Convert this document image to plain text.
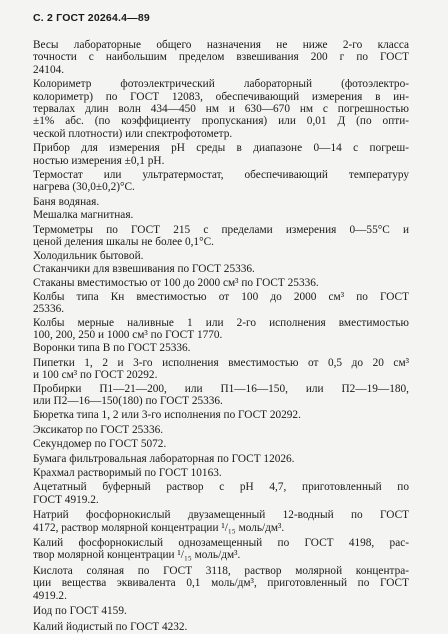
С. 2 ГОСТ 20264.4—89
Весы лабораторные общего назначения не ниже 2-го класса
точности с наибольшим пределом взвешивания 200 г по ГОСТ
24104.
Колориметр фотоэлектрический лабораторный (фотоэлектро-
колориметр) по ГОСТ 12083, обеспечивающий измерения в ин-
тервалах длин волн 434—450 нм и 630—670 нм с погрешностью
±1% абс. (по коэффициенту пропускания) или 0,01 Д (по опти-
ческой плотности) или спектрофотометр.
Прибор для измерения pH среды в диапазоне 0—14 с погреш-
ностью измерения ±0,1 pH.
Термостат или ультратермостат, обеспечивающий температуру
нагрева (30,0±0,2)°С.
Баня водяная.
Мешалка магнитная.
Термометры по ГОСТ 215 с пределами измерения 0—55°С и
ценой деления шкалы не более 0,1°С.
Холодильник бытовой.
Стаканчики для взвешивания по ГОСТ 25336.
Стаканы вместимостью от 100 до 2000 см³ по ГОСТ 25336.
Колбы типа Кн вместимостью от 100 до 2000 см³ по ГОСТ
25336.
Колбы мерные наливные 1 или 2-го исполнения вместимостью
100, 200, 250 и 1000 см³ по ГОСТ 1770.
Воронки типа В по ГОСТ 25336.
Пипетки 1, 2 и 3-го исполнения вместимостью от 0,5 до 20 см³
и 100 см³ по ГОСТ 20292.
Пробирки П1—21—200, или П1—16—150, или П2—19—180,
или П2—16—150(180) по ГОСТ 25336.
Бюретка типа 1, 2 или 3-го исполнения по ГОСТ 20292.
Эксикатор по ГОСТ 25336.
Секундомер по ГОСТ 5072.
Бумага фильтровальная лабораторная по ГОСТ 12026.
Крахмал растворимый по ГОСТ 10163.
Ацетатный буферный раствор с pH 4,7, приготовленный по
ГОСТ 4919.2.
Натрий фосфорнокислый двузамещенный 12-водный по ГОСТ
4172, раствор молярной концентрации ¹/₁₅ моль/дм³.
Калий фосфорнокислый однозамещенный по ГОСТ 4198, рас-
твор молярной концентрации ¹/₁₅ моль/дм³.
Кислота соляная по ГОСТ 3118, раствор молярной концентра-
ции вещества эквивалента 0,1 моль/дм³, приготовленный по ГОСТ
4919.2.
Иод по ГОСТ 4159.
Калий йодистый по ГОСТ 4232.
